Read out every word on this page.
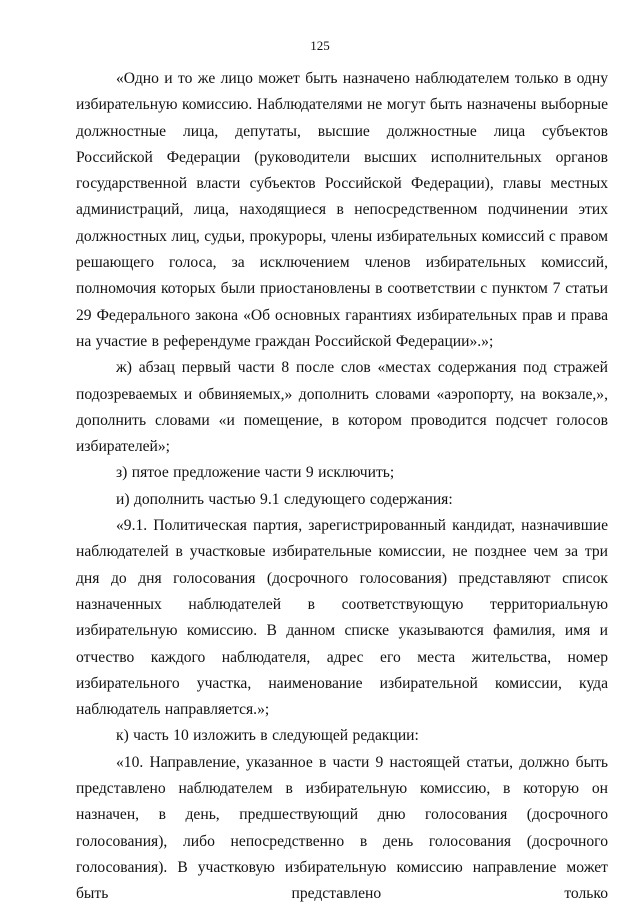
125

«Одно и то же лицо может быть назначено наблюдателем только в одну избирательную комиссию. Наблюдателями не могут быть назначены выборные должностные лица, депутаты, высшие должностные лица субъектов Российской Федерации (руководители высших исполнительных органов государственной власти субъектов Российской Федерации), главы местных администраций, лица, находящиеся в непосредственном подчинении этих должностных лиц, судьи, прокуроры, члены избирательных комиссий с правом решающего голоса, за исключением членов избирательных комиссий, полномочия которых были приостановлены в соответствии с пунктом 7 статьи 29 Федерального закона «Об основных гарантиях избирательных прав и права на участие в референдуме граждан Российской Федерации».»;

ж) абзац первый части 8 после слов «местах содержания под стражей подозреваемых и обвиняемых,» дополнить словами «аэропорту, на вокзале,», дополнить словами «и помещение, в котором проводится подсчет голосов избирателей»;

з) пятое предложение части 9 исключить;

и) дополнить частью 9.1 следующего содержания:

«9.1. Политическая партия, зарегистрированный кандидат, назначившие наблюдателей в участковые избирательные комиссии, не позднее чем за три дня до дня голосования (досрочного голосования) представляют список назначенных наблюдателей в соответствующую территориальную избирательную комиссию. В данном списке указываются фамилия, имя и отчество каждого наблюдателя, адрес его места жительства, номер избирательного участка, наименование избирательной комиссии, куда наблюдатель направляется.»;

к) часть 10 изложить в следующей редакции:

«10. Направление, указанное в части 9 настоящей статьи, должно быть представлено наблюдателем в избирательную комиссию, в которую он назначен, в день, предшествующий дню голосования (досрочного голосования), либо непосредственно в день голосования (досрочного голосования). В участковую избирательную комиссию направление может быть представлено только
